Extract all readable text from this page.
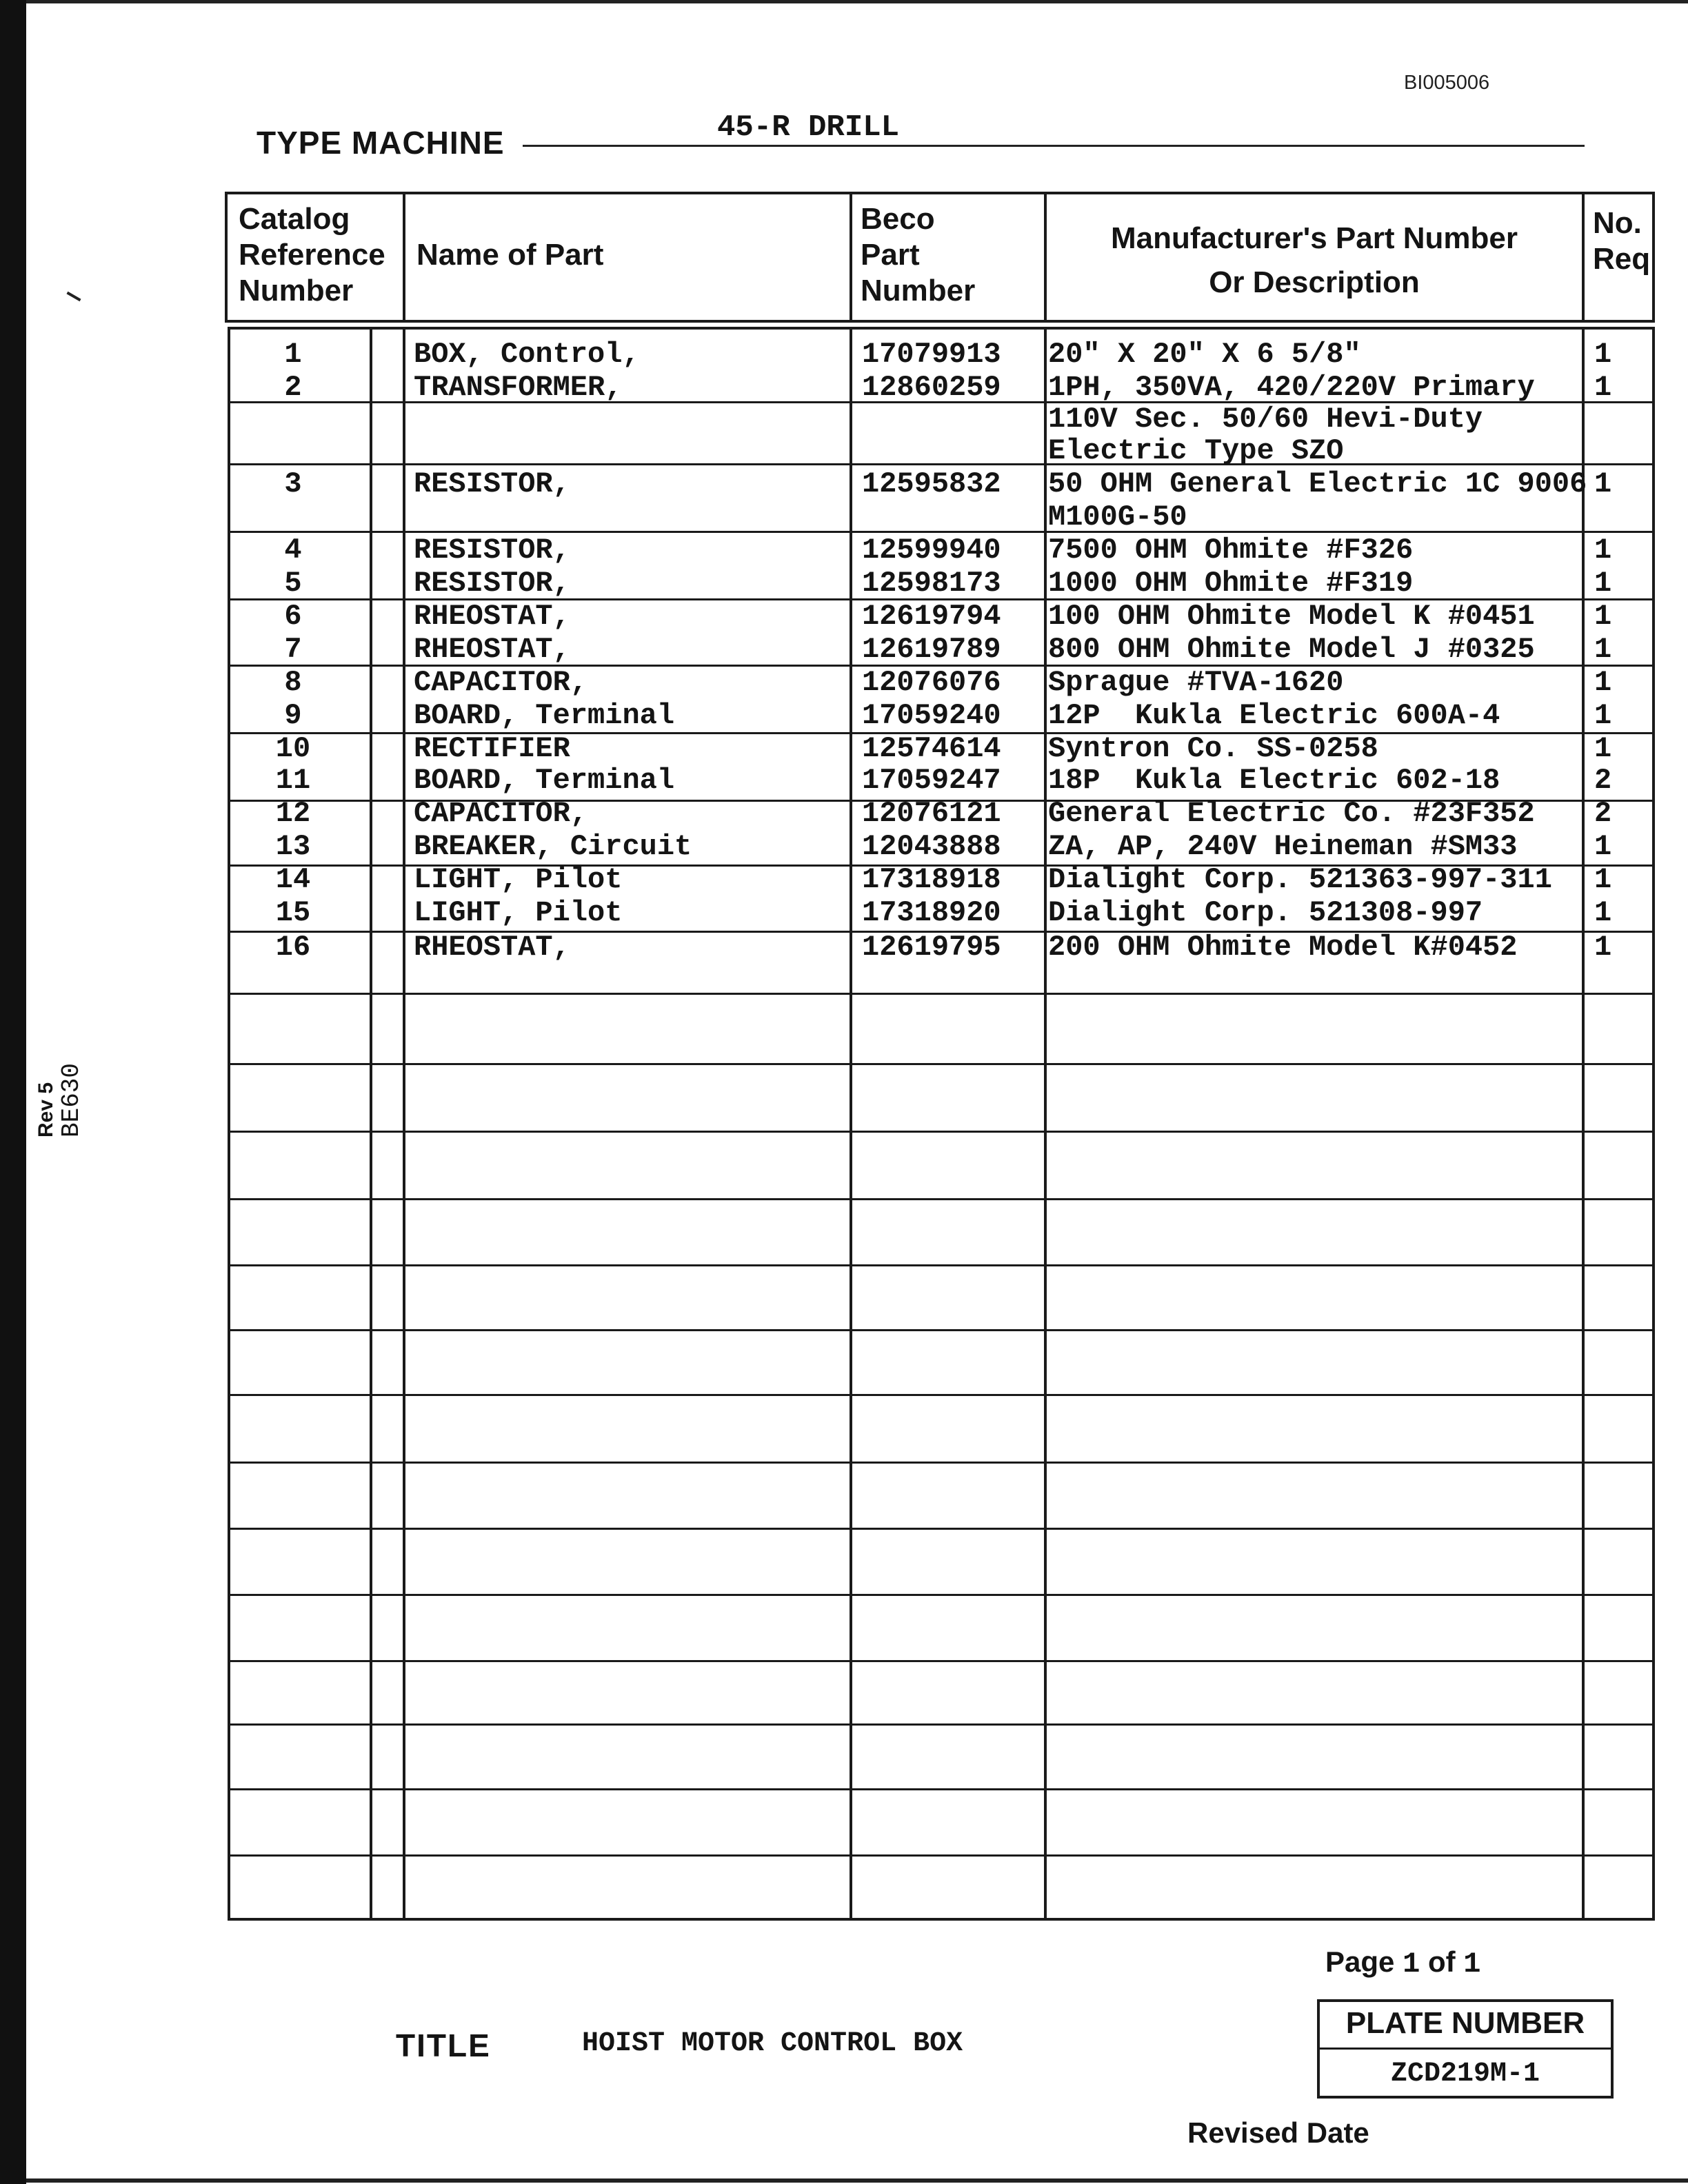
BI005006
TYPE MACHINE	45-R DRILL
Rev 5 BE630
Catalog
Reference
Number
Name of Part
Beco
Part
Number
Manufacturer's Part Number
Or Description
No.
Req
1	BOX, Control,	17079913 20" X 20" X 6 5/8"	1
2	TRANSFORMER,	12860259 1PH, 350VA, 420/220V Primary 1
110V Sec. 50/60 Hevi-Duty
Electric Type SZO
3	RESISTOR,	12595832 50 OHM General Electric 1C 9006 1
M100G-50
4	RESISTOR,	12599940 7500 OHM Ohmite #F326	1
5	RESISTOR,	12598173 1000 OHM Ohmite #F319	1
6	RHEOSTAT,	12619794 100 OHM Ohmite Model K #0451 1
7	RHEOSTAT,	12619789 800 OHM Ohmite Model J #0325 1
8	CAPACITOR,	12076076 Sprague #TVA-1620	1
9	BOARD, Terminal	17059240 12P  Kukla Electric 600A-4	1
10	RECTIFIER	12574614 Syntron Co. SS-0258	1
11	BOARD, Terminal	17059247 18P  Kukla Electric 602-18	2
12	CAPACITOR,	12076121 General Electric Co. #23F352 2
13	BREAKER, Circuit	12043888 ZA, AP, 240V Heineman #SM33	1
14	LIGHT, Pilot	17318918 Dialight Corp. 521363-997-311 1
15	LIGHT, Pilot	17318920 Dialight Corp. 521308-997	1
16	RHEOSTAT,	12619795 200 OHM Ohmite Model K#0452	1
Page 1 of 1
PLATE NUMBER
ZCD219M-1
Revised Date
TITLE	HOIST MOTOR CONTROL BOX
